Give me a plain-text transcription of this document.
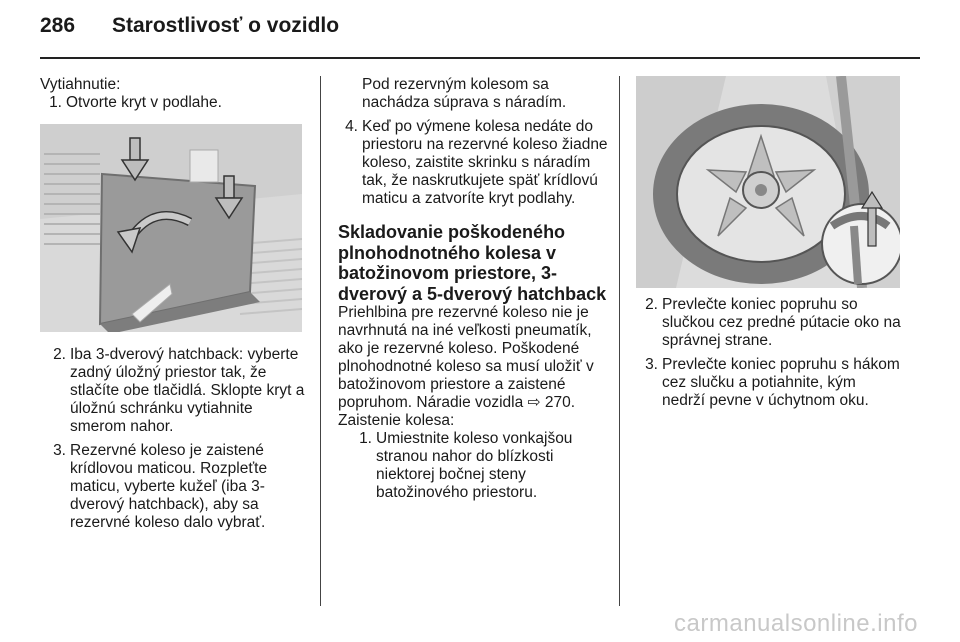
286 Starostlivosť o vozidlo

Vytiahnutie:

1. Otvorte kryt v podlahe.
2. Iba 3-dverový hatchback: vyberte zadný úložný priestor tak, že stlačíte obe tlačidlá. Sklopte kryt a úložnú schránku vytiahnite smerom nahor.
3. Rezervné koleso je zaistené krídlovou maticou. Rozpleťte maticu, vyberte kužeľ (iba 3-dverový hatchback), aby sa rezervné koleso dalo vybrať.

Pod rezervným kolesom sa nachádza súprava s náradím.

4. Keď po výmene kolesa nedáte do priestoru na rezervné koleso žiadne koleso, zaistite skrinku s náradím tak, že naskrutkujete späť krídlovú maticu a zatvoríte kryt podlahy.

Skladovanie poškodeného plnohodnotného kolesa v batožinovom priestore, 3-dverový a 5-dverový hatchback

Priehlbina pre rezervné koleso nie je navrhnutá na iné veľkosti pneumatík, ako je rezervné koleso. Poškodené plnohodnotné koleso sa musí uložiť v batožinovom priestore a zaistené popruhom. Náradie vozidla ⇨ 270.

Zaistenie kolesa:

1. Umiestnite koleso vonkajšou stranou nahor do blízkosti niektorej bočnej steny batožinového priestoru.
2. Prevlečte koniec popruhu so slučkou cez predné pútacie oko na správnej strane.
3. Prevlečte koniec popruhu s hákom cez slučku a potiahnite, kým nedrží pevne v úchytnom oku.
carmanualsonline.info
